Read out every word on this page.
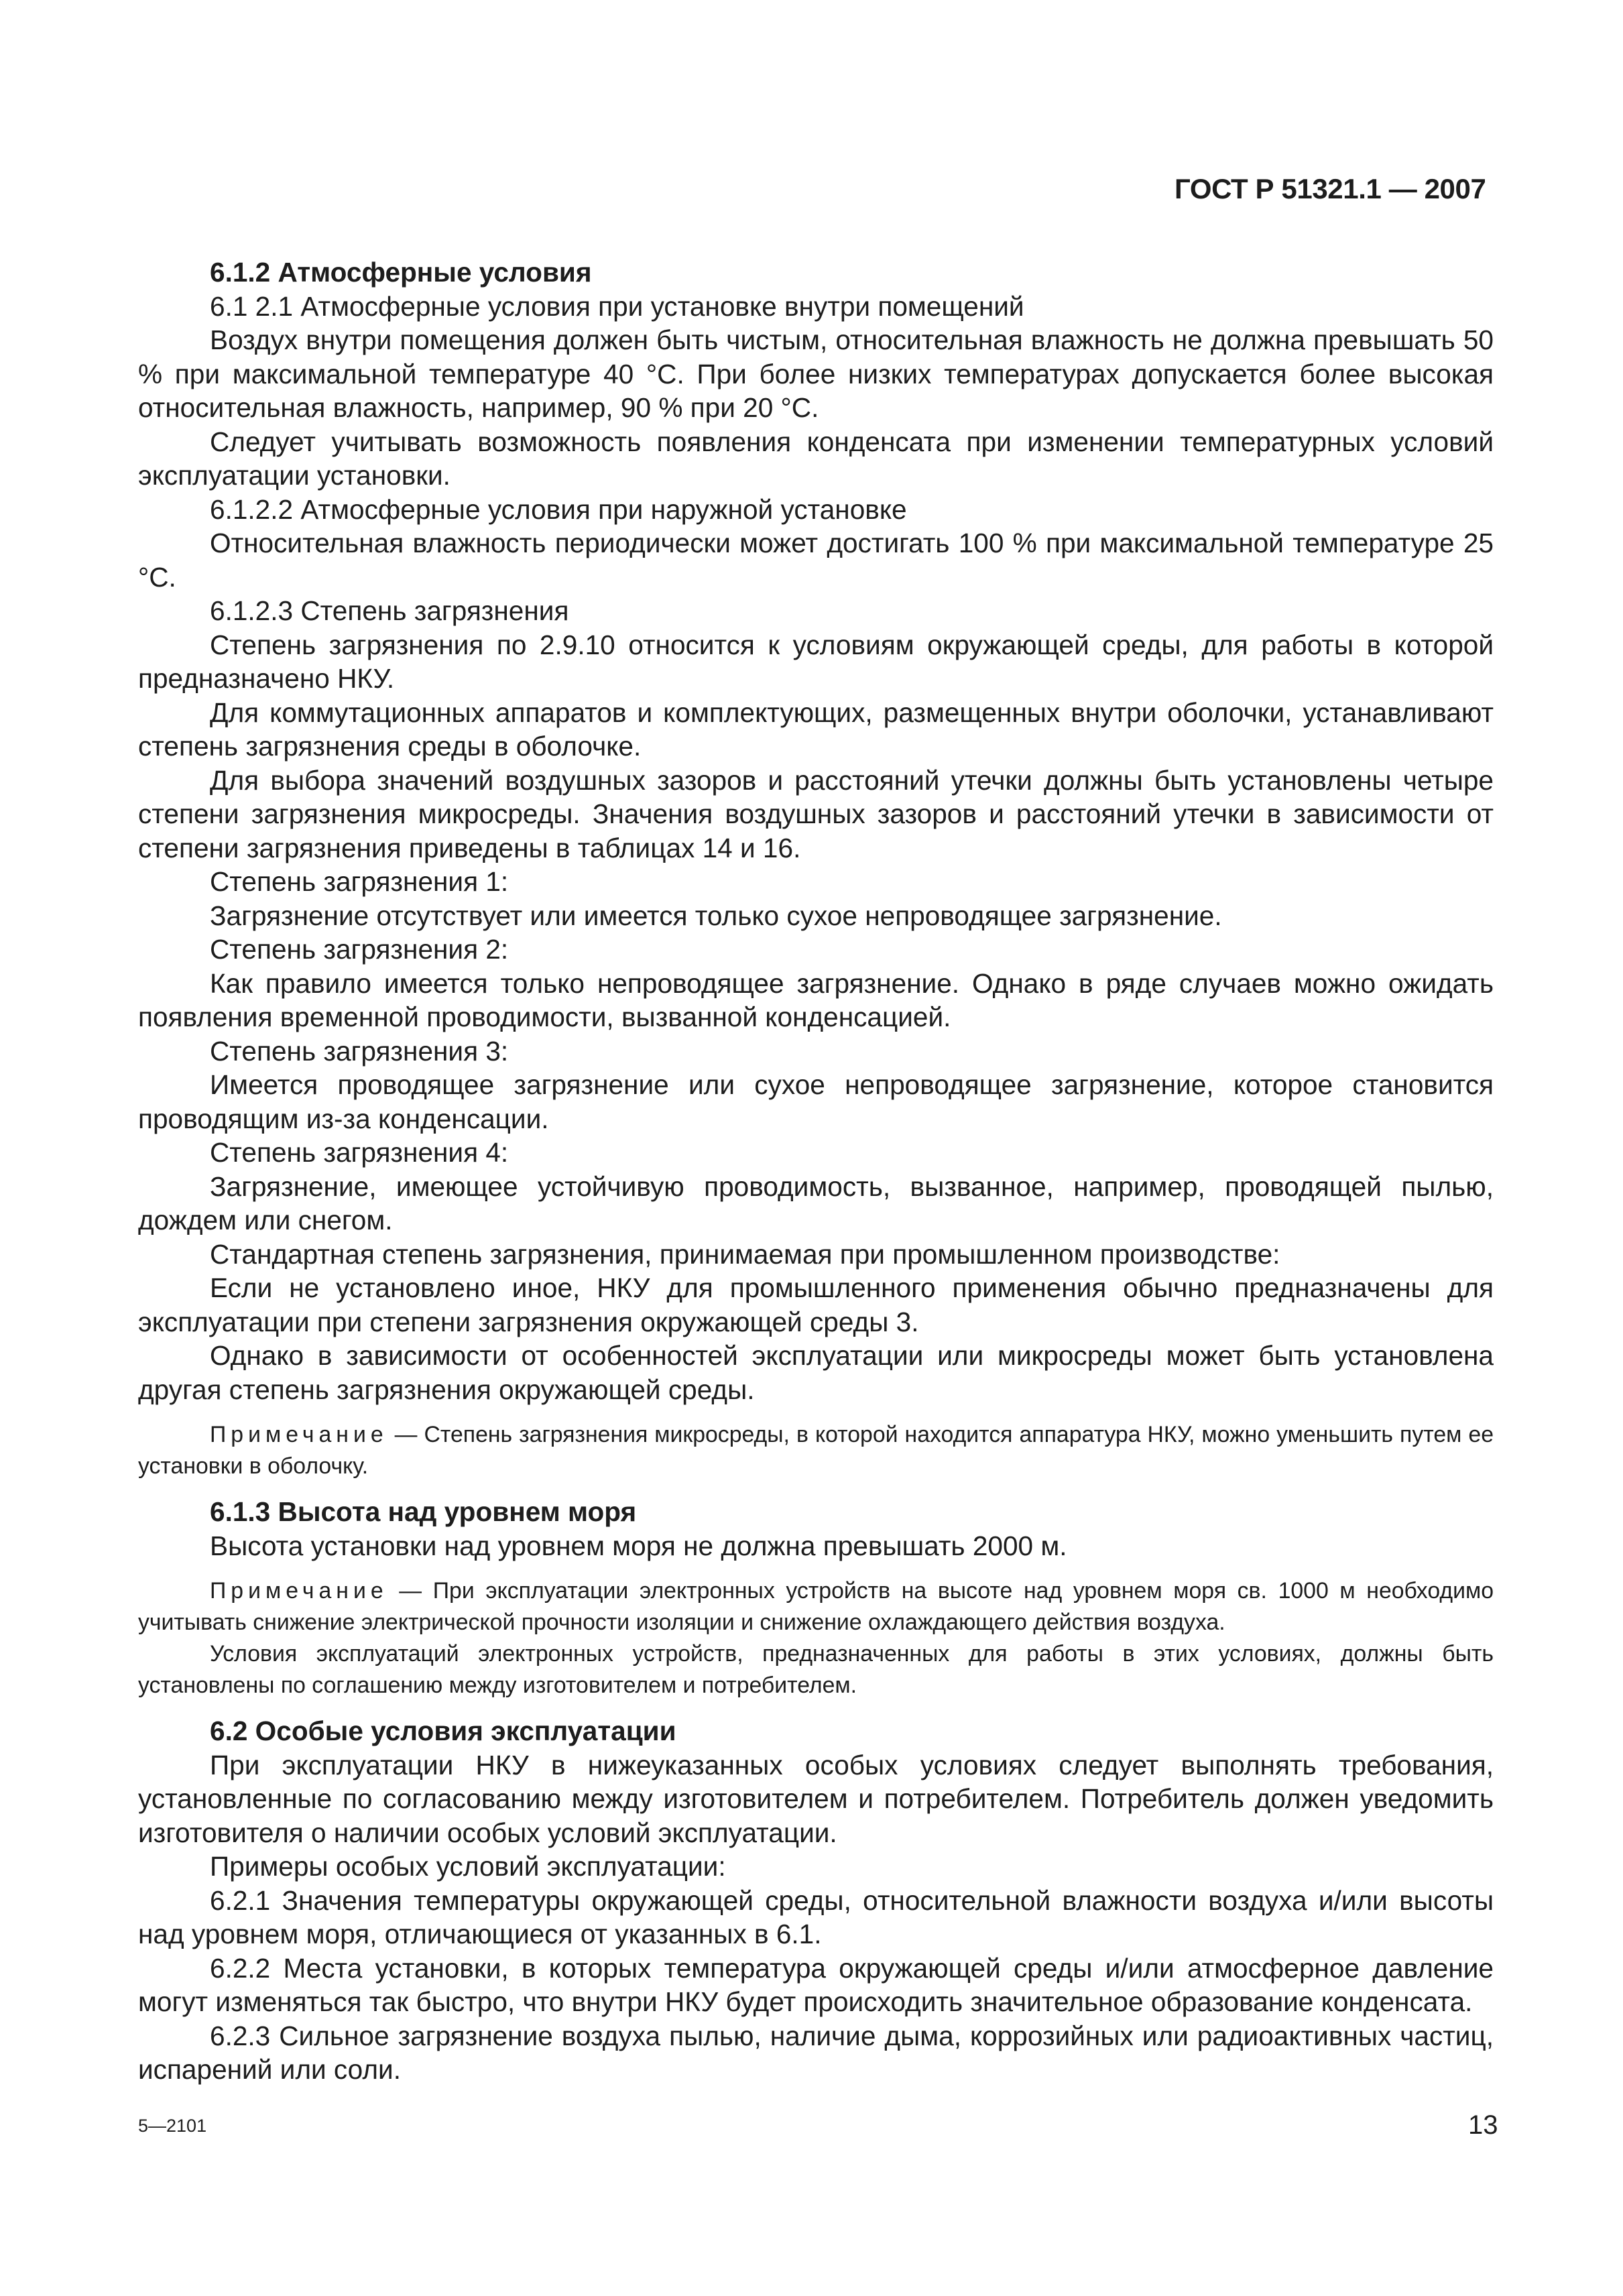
ГОСТ Р 51321.1 — 2007
6.1.2 Атмосферные условия

6.1 2.1 Атмосферные условия при установке внутри помещений

Воздух внутри помещения должен быть чистым, относительная влажность не должна превышать 50 % при максимальной температуре 40 °С. При более низких температурах допускается более высокая относительная влажность, например, 90 % при 20 °С.

Следует учитывать возможность появления конденсата при изменении температурных условий эксплуатации установки.

6.1.2.2 Атмосферные условия при наружной установке

Относительная влажность периодически может достигать 100 % при максимальной температуре 25 °С.

6.1.2.3 Степень загрязнения

Степень загрязнения по 2.9.10 относится к условиям окружающей среды, для работы в которой предназначено НКУ.

Для коммутационных аппаратов и комплектующих, размещенных внутри оболочки, устанавливают степень загрязнения среды в оболочке.

Для выбора значений воздушных зазоров и расстояний утечки должны быть установлены четыре степени загрязнения микросреды. Значения воздушных зазоров и расстояний утечки в зависимости от степени загрязнения приведены в таблицах 14 и 16.

Степень загрязнения 1:

Загрязнение отсутствует или имеется только сухое непроводящее загрязнение.

Степень загрязнения 2:

Как правило имеется только непроводящее загрязнение. Однако в ряде случаев можно ожидать появления временной проводимости, вызванной конденсацией.

Степень загрязнения 3:

Имеется проводящее загрязнение или сухое непроводящее загрязнение, которое становится проводящим из-за конденсации.

Степень загрязнения 4:

Загрязнение, имеющее устойчивую проводимость, вызванное, например, проводящей пылью, дождем или снегом.

Стандартная степень загрязнения, принимаемая при промышленном производстве:

Если не установлено иное, НКУ для промышленного применения обычно предназначены для эксплуатации при степени загрязнения окружающей среды 3.

Однако в зависимости от особенностей эксплуатации или микросреды может быть установлена другая степень загрязнения окружающей среды.

Примечание — Степень загрязнения микросреды, в которой находится аппаратура НКУ, можно уменьшить путем ее установки в оболочку.

6.1.3 Высота над уровнем моря

Высота установки над уровнем моря не должна превышать 2000 м.

Примечание — При эксплуатации электронных устройств на высоте над уровнем моря св. 1000 м необходимо учитывать снижение электрической прочности изоляции и снижение охлаждающего действия воздуха.

Условия эксплуатаций электронных устройств, предназначенных для работы в этих условиях, должны быть установлены по соглашению между изготовителем и потребителем.

6.2 Особые условия эксплуатации

При эксплуатации НКУ в нижеуказанных особых условиях следует выполнять требования, установленные по согласованию между изготовителем и потребителем. Потребитель должен уведомить изготовителя о наличии особых условий эксплуатации.

Примеры особых условий эксплуатации:

6.2.1 Значения температуры окружающей среды, относительной влажности воздуха и/или высоты над уровнем моря, отличающиеся от указанных в 6.1.

6.2.2 Места установки, в которых температура окружающей среды и/или атмосферное давление могут изменяться так быстро, что внутри НКУ будет происходить значительное образование конденсата.

6.2.3 Сильное загрязнение воздуха пылью, наличие дыма, коррозийных или радиоактивных частиц, испарений или соли.

5—2101	13
